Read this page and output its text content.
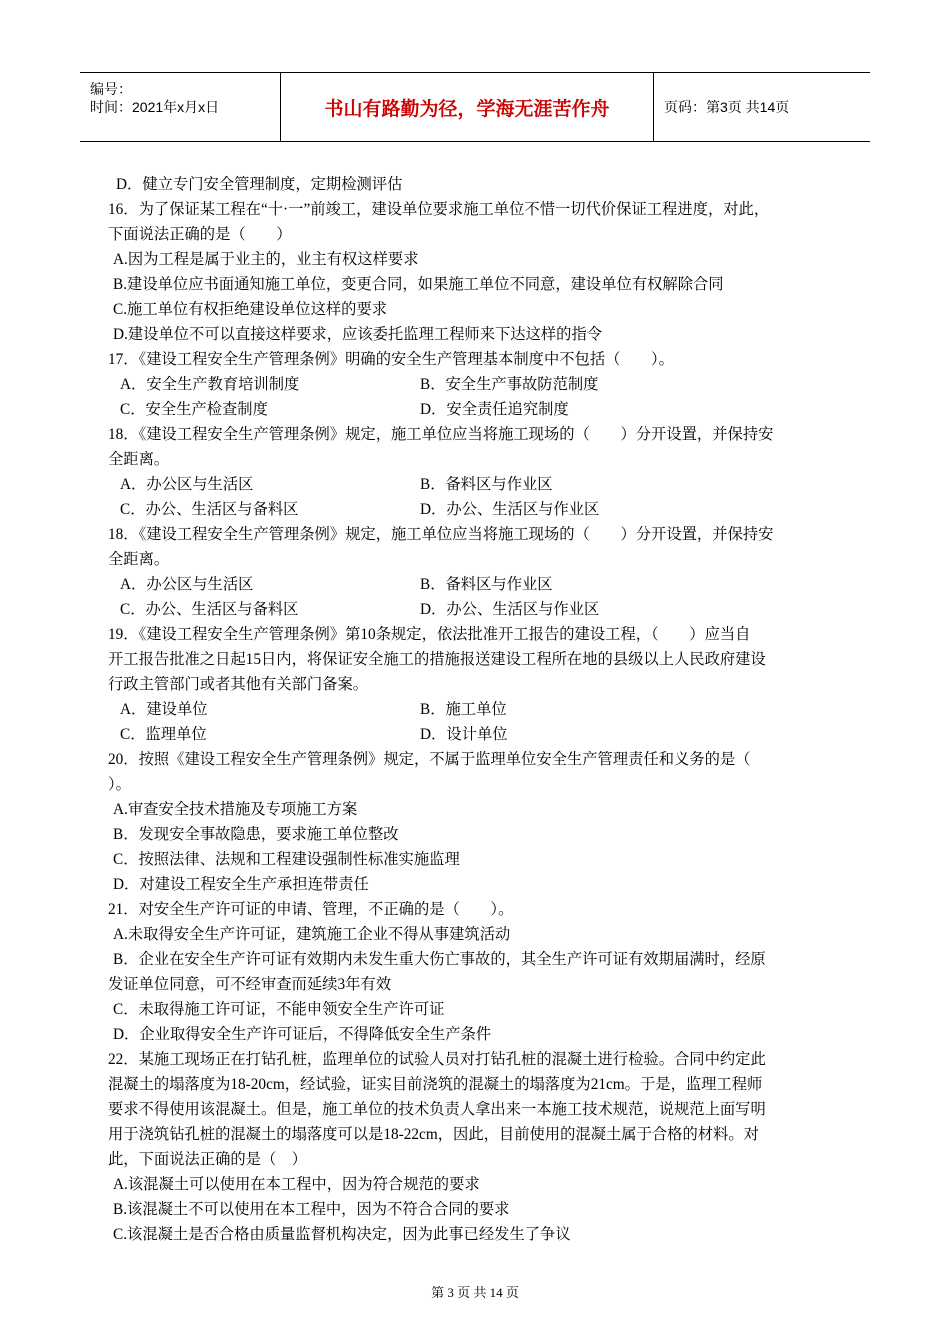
编号：
时间：2021年x月x日	书山有路勤为径，学海无涯苦作舟	页码：第3页 共14页
D．健立专门安全管理制度，定期检测评估
16．为了保证某工程在“十·一”前竣工，建设单位要求施工单位不惜一切代价保证工程进度，对此，
下面说法正确的是（　　）
A.因为工程是属于业主的，业主有权这样要求
B.建设单位应书面通知施工单位，变更合同，如果施工单位不同意，建设单位有权解除合同
C.施工单位有权拒绝建设单位这样的要求
D.建设单位不可以直接这样要求，应该委托监理工程师来下达这样的指令
17．《建设工程安全生产管理条例》明确的安全生产管理基本制度中不包括（　　）。
A．安全生产教育培训制度	B．安全生产事故防范制度
C．安全生产检查制度	D．安全责任追究制度
18．《建设工程安全生产管理条例》规定，施工单位应当将施工现场的（　　）分开设置，并保持安
全距离。
A．办公区与生活区	B．备料区与作业区
C．办公、生活区与备料区	D．办公、生活区与作业区
18．《建设工程安全生产管理条例》规定，施工单位应当将施工现场的（　　）分开设置，并保持安
全距离。
A．办公区与生活区	B．备料区与作业区
C．办公、生活区与备料区	D．办公、生活区与作业区
19．《建设工程安全生产管理条例》第10条规定，依法批准开工报告的建设工程，（　　）应当自
开工报告批准之日起15日内，将保证安全施工的措施报送建设工程所在地的县级以上人民政府建设
行政主管部门或者其他有关部门备案。
A．建设单位	B．施工单位
C．监理单位	D．设计单位
20．按照《建设工程安全生产管理条例》规定，不属于监理单位安全生产管理责任和义务的是（
）。
A.审查安全技术措施及专项施工方案
B．发现安全事故隐患，要求施工单位整改
C．按照法律、法规和工程建设强制性标准实施监理
D．对建设工程安全生产承担连带责任
21．对安全生产许可证的申请、管理，不正确的是（　　）。
A.未取得安全生产许可证，建筑施工企业不得从事建筑活动
B．企业在安全生产许可证有效期内未发生重大伤亡事故的，其全生产许可证有效期届满时，经原
发证单位同意，可不经审查而延续3年有效
C．未取得施工许可证，不能申领安全生产许可证
D．企业取得安全生产许可证后，不得降低安全生产条件
22．某施工现场正在打钻孔桩，监理单位的试验人员对打钻孔桩的混凝土进行检验。合同中约定此
混凝土的塌落度为18-20cm，经试验，证实目前浇筑的混凝土的塌落度为21cm。于是，监理工程师
要求不得使用该混凝土。但是，施工单位的技术负责人拿出来一本施工技术规范，说规范上面写明
用于浇筑钻孔桩的混凝土的塌落度可以是18-22cm，因此，目前使用的混凝土属于合格的材料。对
此，下面说法正确的是（　）
A.该混凝土可以使用在本工程中，因为符合规范的要求
B.该混凝土不可以使用在本工程中，因为不符合合同的要求
C.该混凝土是否合格由质量监督机构决定，因为此事已经发生了争议
第 3 页 共 14 页
